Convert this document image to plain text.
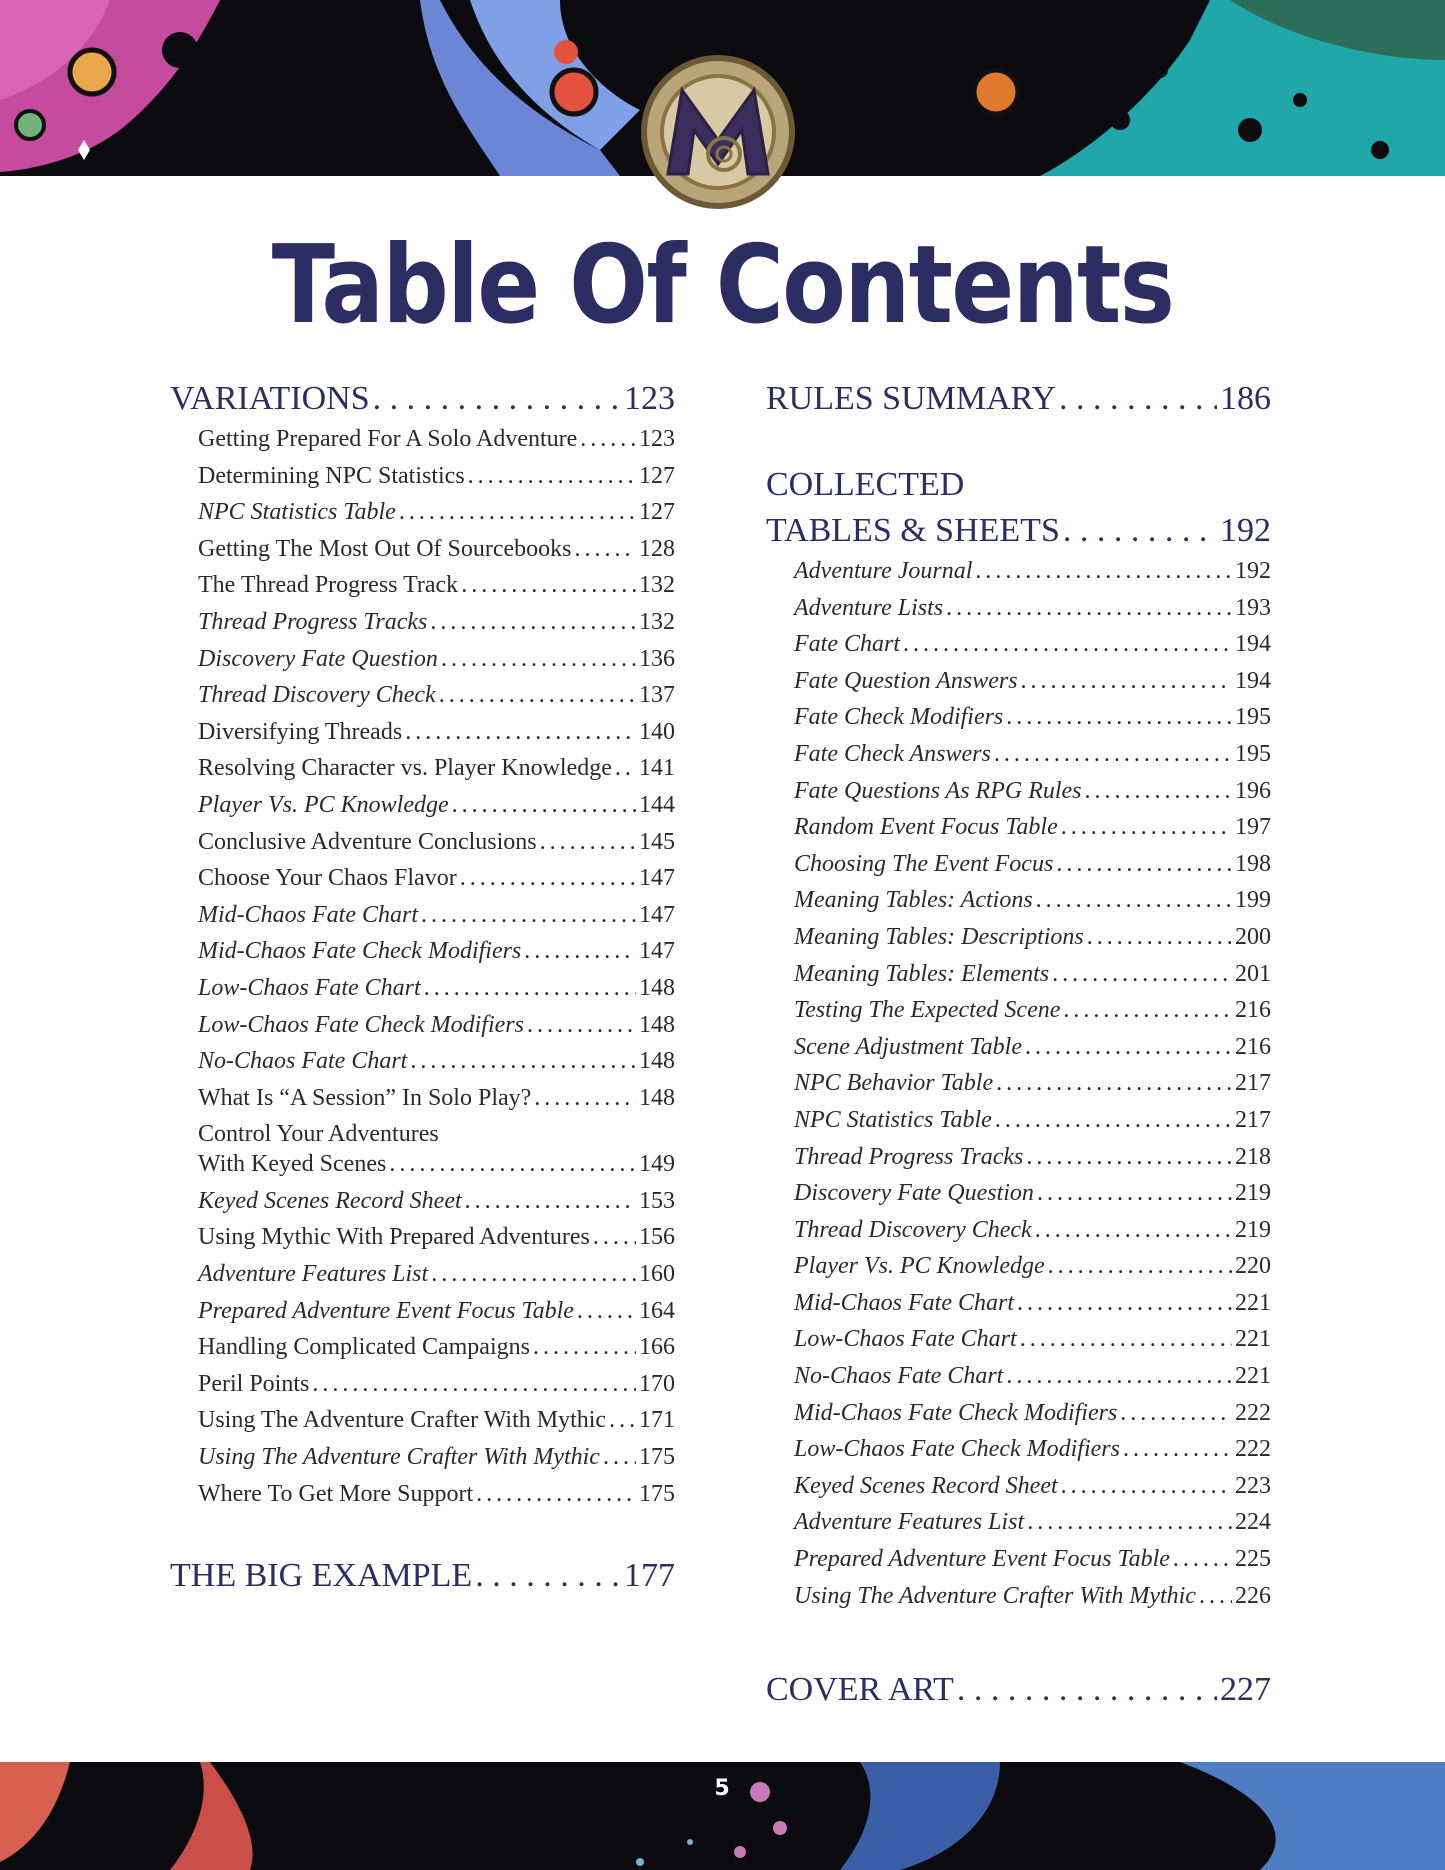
Table Of Contents
VARIATIONS . . .	123
Getting Prepared For A Solo Adventure . . .	123
Determining NPC Statistics . . .	127
NPC Statistics Table . . .	127
Getting The Most Out Of Sourcebooks . . .	128
The Thread Progress Track . . .	132
Thread Progress Tracks . . .	132
Discovery Fate Question . . .	136
Thread Discovery Check . . .	137
Diversifying Threads . . .	140
Resolving Character vs. Player Knowledge . . . 141
Player Vs. PC Knowledge . . .	144
Conclusive Adventure Conclusions . . .	145
Choose Your Chaos Flavor . . .	147
Mid-Chaos Fate Chart . . .	147
Mid-Chaos Fate Check Modifiers . . .	147
Low-Chaos Fate Chart . . .	148
Low-Chaos Fate Check Modifiers . . .	148
No-Chaos Fate Chart . . .	148
What Is “A Session” In Solo Play? . . .	148
Control Your Adventures
With Keyed Scenes . . .	149
Keyed Scenes Record Sheet . . .	153
Using Mythic With Prepared Adventures . . . 156
Adventure Features List . . .	160
Prepared Adventure Event Focus Table . . .	164
Handling Complicated Campaigns . . .	166
Peril Points . . .	170
Using The Adventure Crafter With Mythic . . . 171
Using The Adventure Crafter With Mythic . . . 175
Where To Get More Support . . .	175
THE BIG EXAMPLE . . .	177
RULES SUMMARY . . .	186
COLLECTED
TABLES & SHEETS . . .	192
Adventure Journal . . .	192
Adventure Lists . . .	193
Fate Chart . . .	194
Fate Question Answers . . .	194
Fate Check Modifiers . . .	195
Fate Check Answers . . .	195
Fate Questions As RPG Rules . . .	196
Random Event Focus Table . . .	197
Choosing The Event Focus . . .	198
Meaning Tables: Actions . . .	199
Meaning Tables: Descriptions . . .	200
Meaning Tables: Elements . . .	201
Testing The Expected Scene . . .	216
Scene Adjustment Table . . .	216
NPC Behavior Table . . .	217
NPC Statistics Table . . .	217
Thread Progress Tracks . . .	218
Discovery Fate Question . . .	219
Thread Discovery Check . . .	219
Player Vs. PC Knowledge . . .	220
Mid-Chaos Fate Chart . . .	221
Low-Chaos Fate Chart . . .	221
No-Chaos Fate Chart . . .	221
Mid-Chaos Fate Check Modifiers . . .	222
Low-Chaos Fate Check Modifiers . . .	222
Keyed Scenes Record Sheet . . .	223
Adventure Features List . . .	224
Prepared Adventure Event Focus Table . . .	225
Using The Adventure Crafter With Mythic . . . 226
COVER ART . . .	227
5
